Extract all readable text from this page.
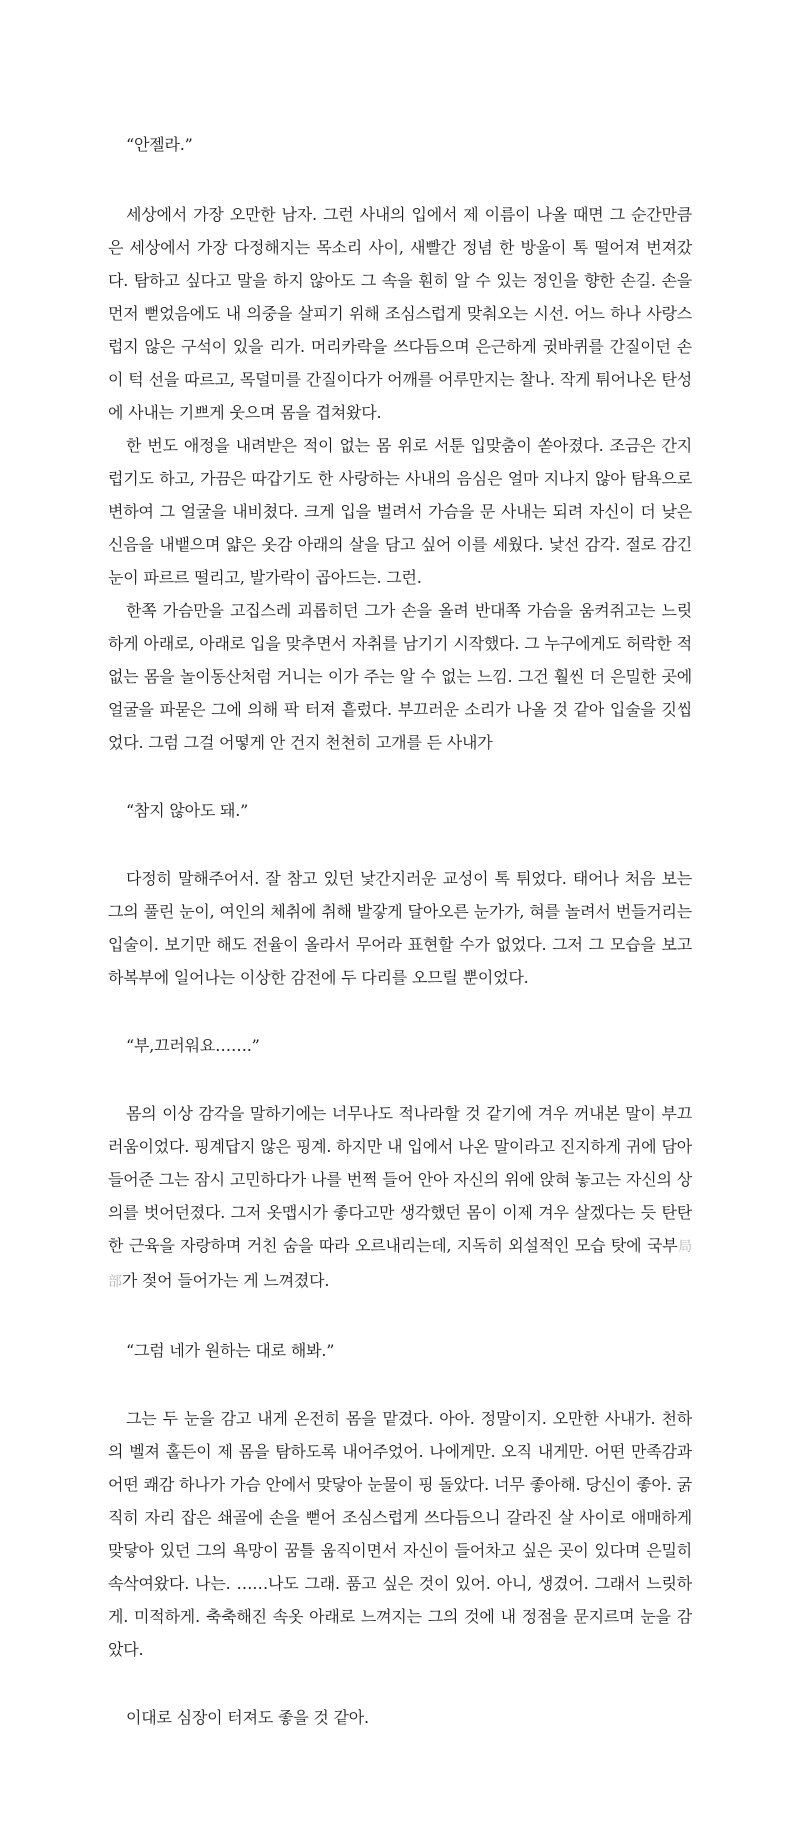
“안젤라.”

세상에서 가장 오만한 남자. 그런 사내의 입에서 제 이름이 나올 때면 그 순간만큼은 세상에서 가장 다정해지는 목소리 사이, 새빨간 정념 한 방울이 톡 떨어져 번져갔다. 탐하고 싶다고 말을 하지 않아도 그 속을 훤히 알 수 있는 정인을 향한 손길. 손을 먼저 뻗었음에도 내 의중을 살피기 위해 조심스럽게 맞춰오는 시선. 어느 하나 사랑스럽지 않은 구석이 있을 리가. 머리카락을 쓰다듬으며 은근하게 귓바퀴를 간질이던 손이 턱 선을 따르고, 목덜미를 간질이다가 어깨를 어루만지는 찰나. 작게 튀어나온 탄성에 사내는 기쁘게 웃으며 몸을 겹쳐왔다.

한 번도 애정을 내려받은 적이 없는 몸 위로 서툰 입맞춤이 쏟아졌다. 조금은 간지럽기도 하고, 가끔은 따갑기도 한 사랑하는 사내의 음심은 얼마 지나지 않아 탐욕으로 변하여 그 얼굴을 내비쳤다. 크게 입을 벌려서 가슴을 문 사내는 되려 자신이 더 낮은 신음을 내뱉으며 얇은 옷감 아래의 살을 담고 싶어 이를 세웠다. 낯선 감각. 절로 감긴 눈이 파르르 떨리고, 발가락이 곱아드는. 그런.

한쪽 가슴만을 고집스레 괴롭히던 그가 손을 올려 반대쪽 가슴을 움켜쥐고는 느릿하게 아래로, 아래로 입을 맞추면서 자취를 남기기 시작했다. 그 누구에게도 허락한 적 없는 몸을 놀이동산처럼 거니는 이가 주는 알 수 없는 느낌. 그건 훨씬 더 은밀한 곳에 얼굴을 파묻은 그에 의해 팍 터져 흩렀다. 부끄러운 소리가 나올 것 같아 입술을 깃씹었다. 그럼 그걸 어떻게 안 건지 천천히 고개를 든 사내가

“참지 않아도 돼.”

다정히 말해주어서. 잘 참고 있던 낯간지러운 교성이 톡 튀었다. 태어나 처음 보는 그의 풀린 눈이, 여인의 체취에 취해 발갛게 달아오른 눈가가, 혀를 놀려서 번들거리는 입술이. 보기만 해도 전율이 올라서 무어라 표현할 수가 없었다. 그저 그 모습을 보고 하복부에 일어나는 이상한 감전에 두 다리를 오므릴 뿐이었다.

“부,끄러워요…….”

몸의 이상 감각을 말하기에는 너무나도 적나라할 것 같기에 겨우 꺼내본 말이 부끄러움이었다. 핑계답지 않은 핑계. 하지만 내 입에서 나온 말이라고 진지하게 귀에 담아 들어준 그는 잠시 고민하다가 나를 번쩍 들어 안아 자신의 위에 앉혀 놓고는 자신의 상의를 벗어던졌다. 그저 옷맵시가 좋다고만 생각했던 몸이 이제 겨우 살겠다는 듯 탄탄한 근육을 자랑하며 거친 숨을 따라 오르내리는데, 지독히 외설적인 모습 탓에 국부局部가 젖어 들어가는 게 느껴졌다.

“그럼 네가 원하는 대로 해봐.”

그는 두 눈을 감고 내게 온전히 몸을 맡겼다. 아아. 정말이지. 오만한 사내가. 천하의 벨져 홀든이 제 몸을 탐하도록 내어주었어. 나에게만. 오직 내게만. 어떤 만족감과 어떤 쾌감 하나가 가슴 안에서 맞닿아 눈물이 핑 돌았다. 너무 좋아해. 당신이 좋아. 굵직히 자리 잡은 쇄골에 손을 뻗어 조심스럽게 쓰다듬으니 갈라진 살 사이로 애매하게 맞닿아 있던 그의 욕망이 꿈틀 움직이면서 자신이 들어차고 싶은 곳이 있다며 은밀히 속삭여왔다. 나는. ……나도 그래. 품고 싶은 것이 있어. 아니, 생겼어. 그래서 느릿하게. 미적하게. 축축해진 속옷 아래로 느껴지는 그의 것에 내 정점을 문지르며 눈을 감았다.

이대로 심장이 터져도 좋을 것 같아.
